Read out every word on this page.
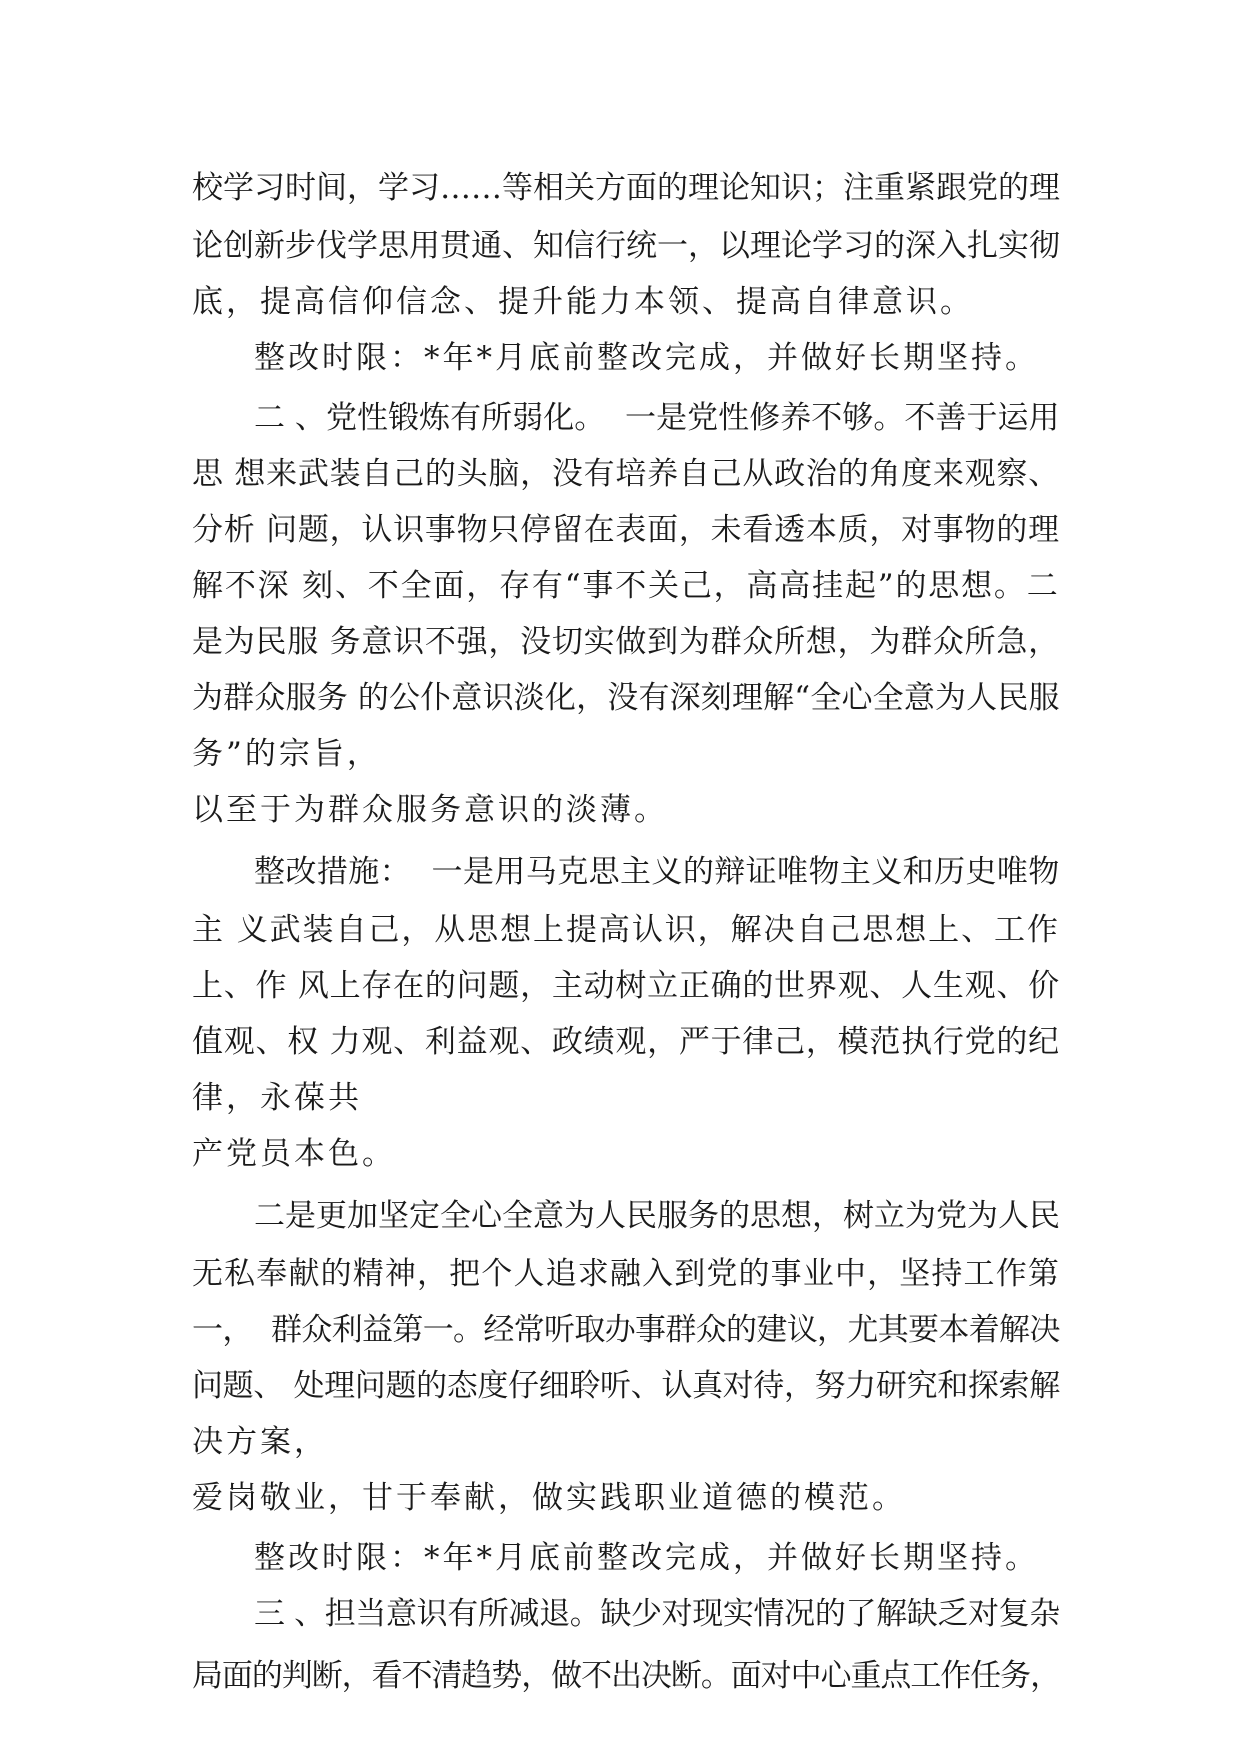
校学习时间，学习……等相关方面的理论知识；注重紧跟党的理
论创新步伐学思用贯通、知信行统一，以理论学习的深入扎实彻
底，提高信仰信念、提升能力本领、提高自律意识。
整改时限：*年*月底前整改完成，并做好长期坚持。
二 、党性锻炼有所弱化。  一是党性修养不够。不善于运用
思 想来武装自己的头脑，没有培养自己从政治的角度来观察、
分析 问题，认识事物只停留在表面，未看透本质，对事物的理
解不深 刻、不全面，存有“事不关己，高高挂起”的思想。二
是为民服 务意识不强，没切实做到为群众所想，为群众所急，
为群众服务 的公仆意识淡化，没有深刻理解“全心全意为人民服
务”的宗旨，
以至于为群众服务意识的淡薄。
整改措施：  一是用马克思主义的辩证唯物主义和历史唯物
主 义武装自己，从思想上提高认识，解决自己思想上、工作
上、作 风上存在的问题，主动树立正确的世界观、人生观、价
值观、权 力观、利益观、政绩观，严于律己，模范执行党的纪
律，永葆共
产党员本色。
二是更加坚定全心全意为人民服务的思想，树立为党为人民
无私奉献的精神，把个人追求融入到党的事业中，坚持工作第
一，  群众利益第一。经常听取办事群众的建议，尤其要本着解决
问题、 处理问题的态度仔细聆听、认真对待，努力研究和探索解
决方案，
爱岗敬业，甘于奉献，做实践职业道德的模范。
整改时限：*年*月底前整改完成，并做好长期坚持。
三 、担当意识有所减退。缺少对现实情况的了解缺乏对复杂
局面的判断，看不清趋势，做不出决断。面对中心重点工作任务，
